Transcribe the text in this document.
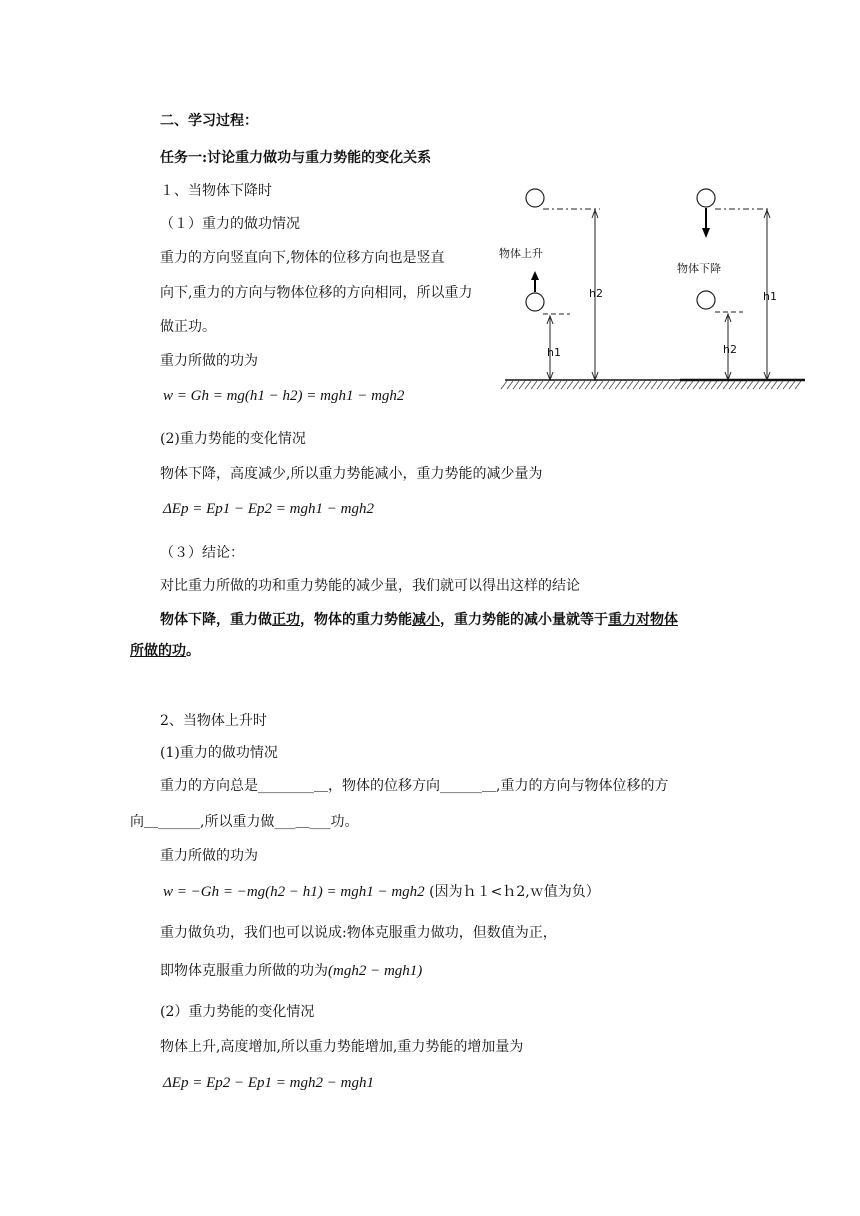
二、学习过程：
任务一:讨论重力做功与重力势能的变化关系
１、当物体下降时
（１）重力的做功情况
重力的方向竖直向下,物体的位移方向也是竖直
向下,重力的方向与物体位移的方向相同，所以重力
做正功。
重力所做的功为
w = Gh = mg(h1 − h2) = mgh1 − mgh2
(2)重力势能的变化情况
物体下降，高度减少,所以重力势能减小，重力势能的减少量为
ΔEp = Ep1 − Ep2 = mgh1 − mgh2
（３）结论：
对比重力所做的功和重力势能的减少量，我们就可以得出这样的结论
物体下降，重力做正功，物体的重力势能减小，重力势能的减小量就等于重力对物体
所做的功。
2、当物体上升时
(1)重力的做功情况
重力的方向总是________＿，物体的位移方向______＿,重力的方向与物体位移的方
向＿______,所以重力做___＿___功。
重力所做的功为
w = −Gh = −mg(h2 − h1) = mgh1 − mgh2 (因为ｈ１<ｈ2,ｗ值为负）
重力做负功，我们也可以说成:物体克服重力做功，但数值为正，
即物体克服重力所做的功为(mgh2 − mgh1)
(2）重力势能的变化情况
物体上升,高度增加,所以重力势能增加,重力势能的增加量为
ΔEp = Ep2 − Ep1 = mgh2 − mgh1
物体上升
h2
h1
物体下降
h1
h2
